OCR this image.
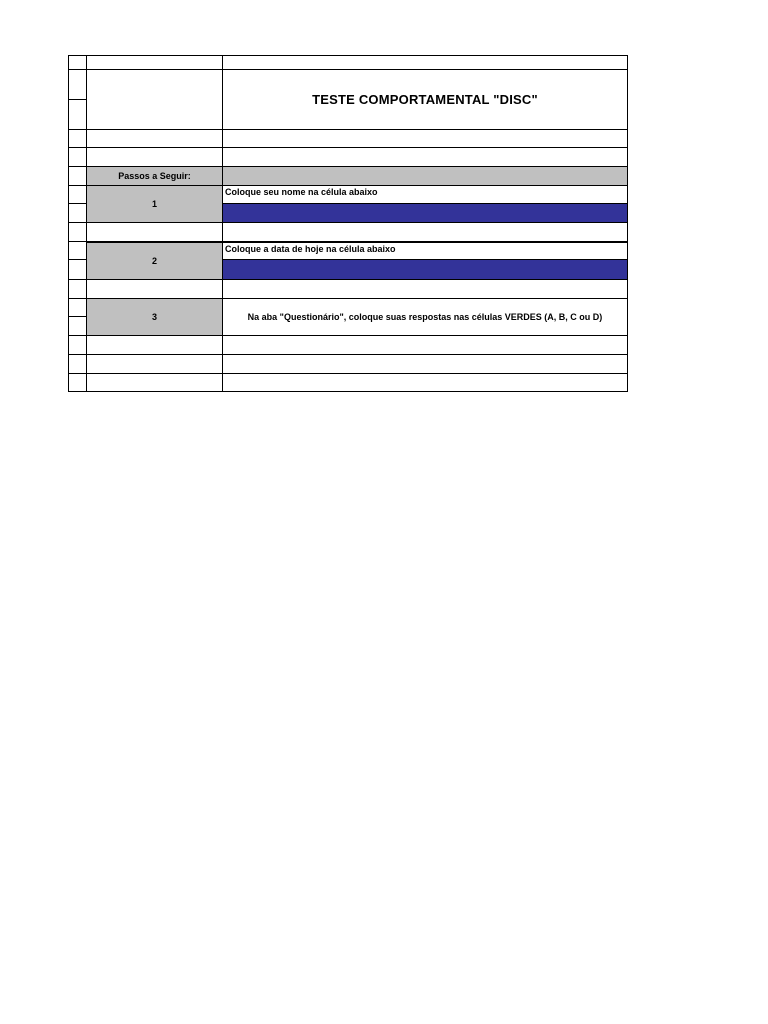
TESTE COMPORTAMENTAL "DISC"
Passos a Seguir:
1
Coloque seu nome na célula abaixo
2
Coloque a data de hoje na célula abaixo
3	Na aba "Questionário", coloque suas respostas nas células VERDES (A, B, C ou D)
